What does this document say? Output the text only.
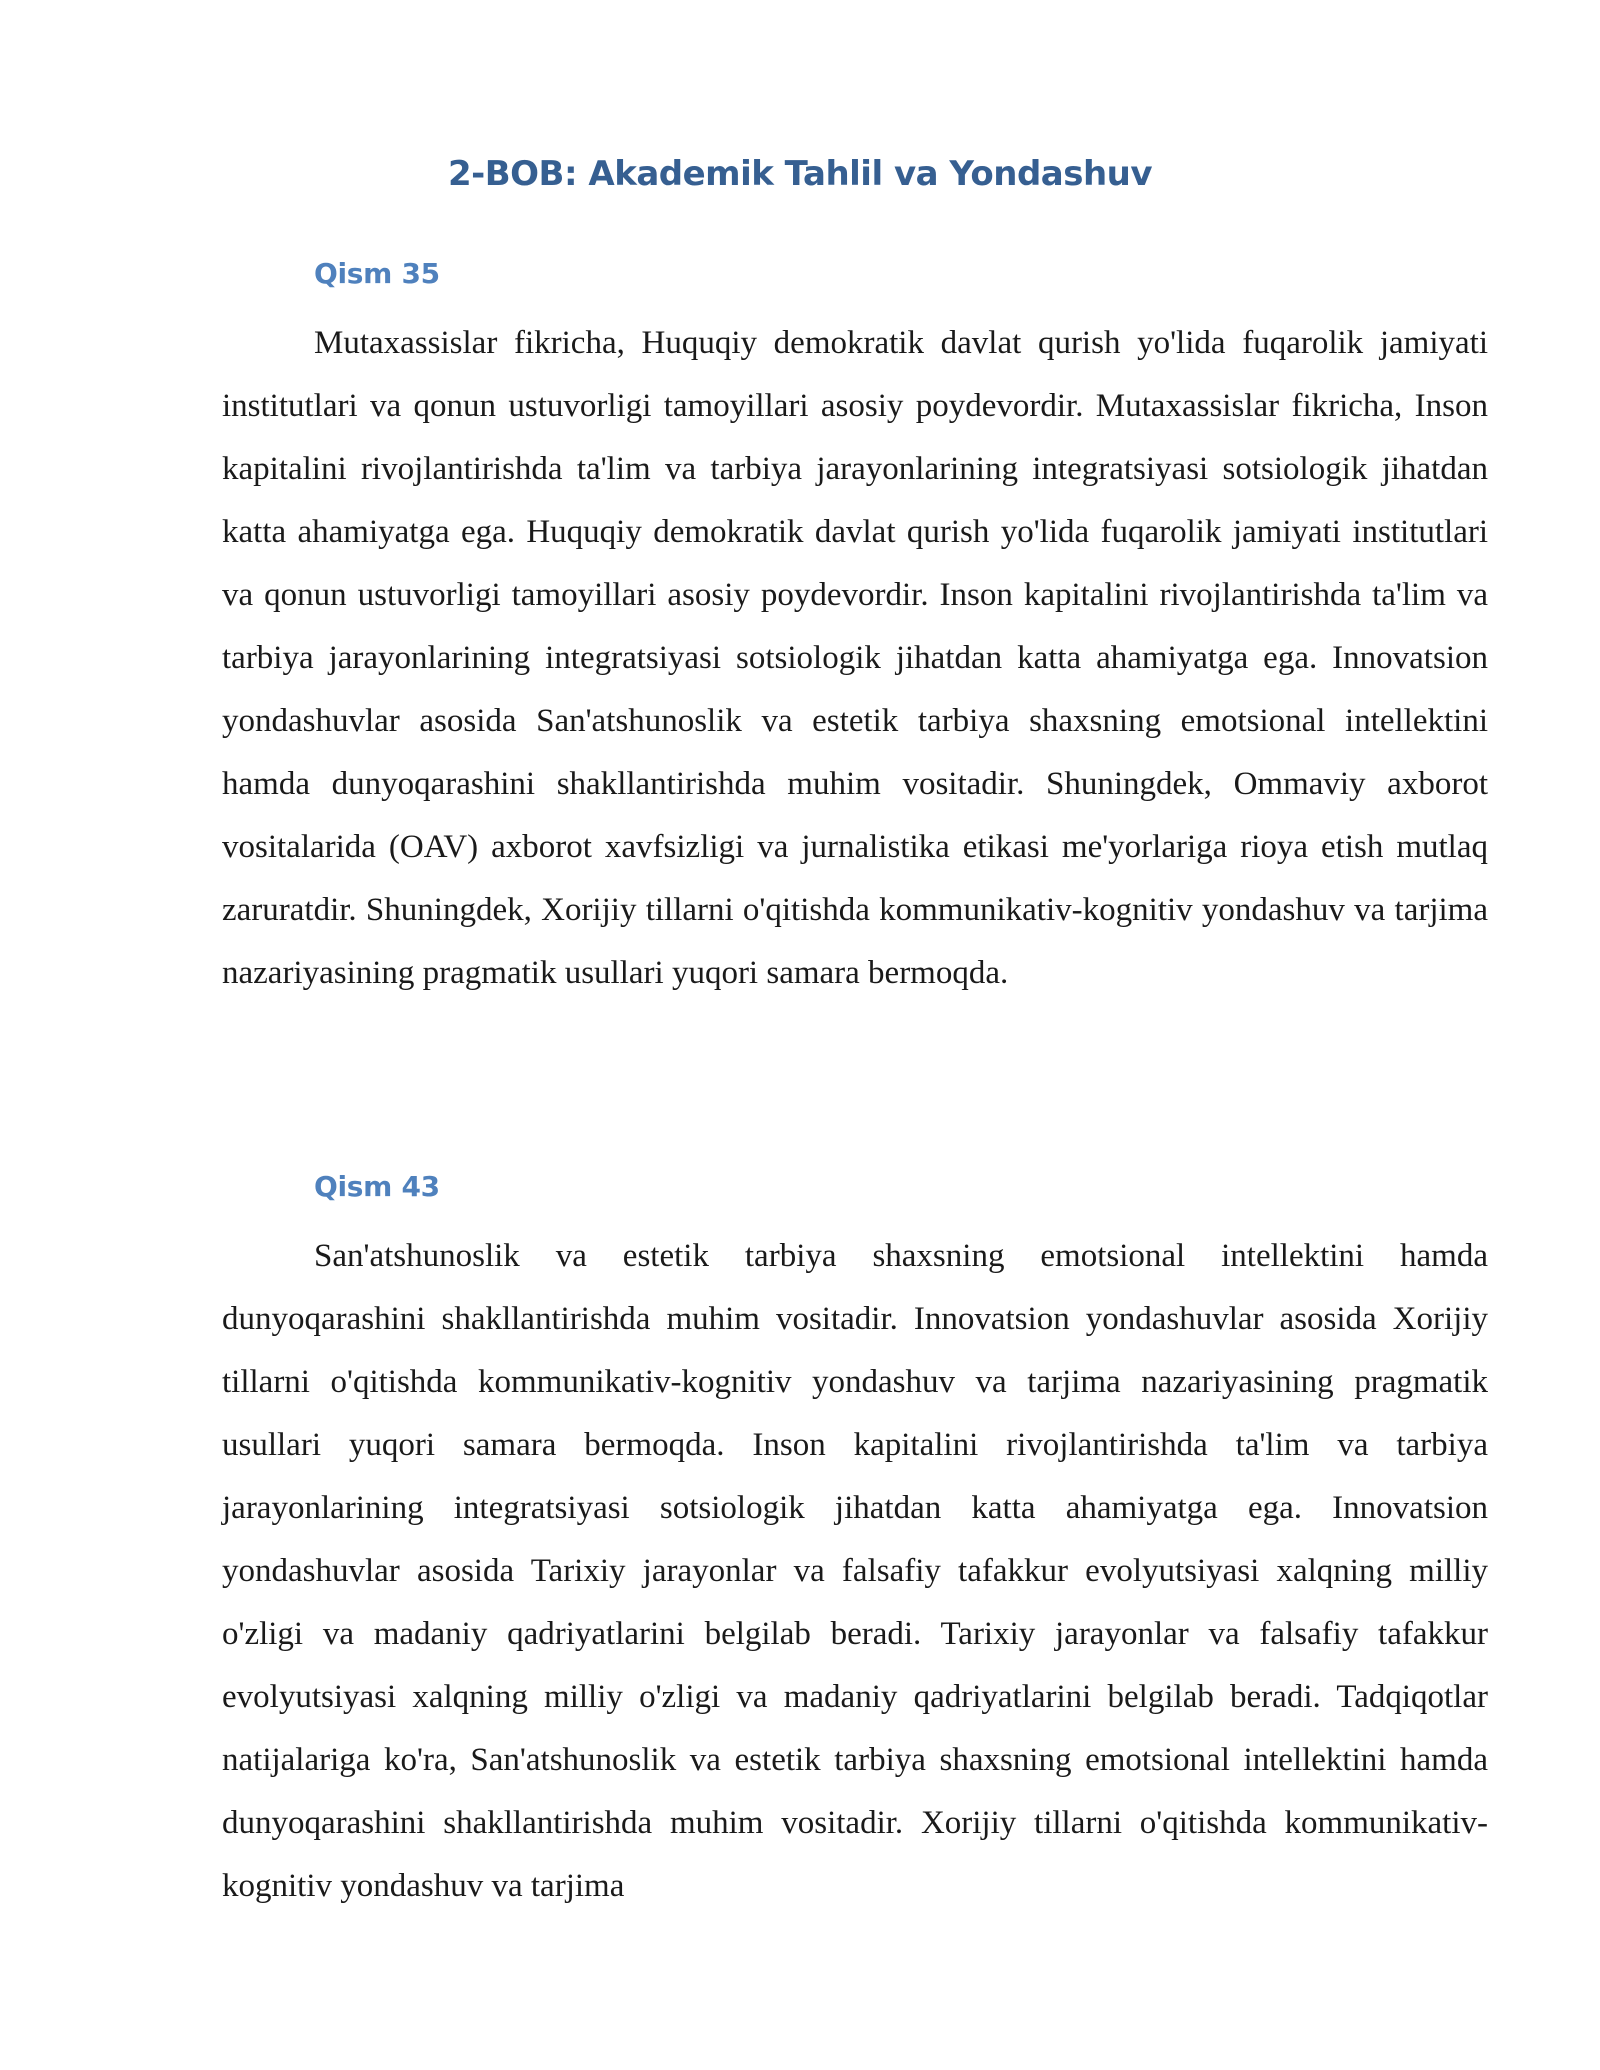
2-BOB: Akademik Tahlil va Yondashuv
Qism 35

Mutaxassislar fikricha, Huquqiy demokratik davlat qurish yo'lida fuqarolik jamiyati institutlari va qonun ustuvorligi tamoyillari asosiy poydevordir. Mutaxassislar fikricha, Inson kapitalini rivojlantirishda ta'lim va tarbiya jarayonlarining integratsiyasi sotsiologik jihatdan katta ahamiyatga ega. Huquqiy demokratik davlat qurish yo'lida fuqarolik jamiyati institutlari va qonun ustuvorligi tamoyillari asosiy poydevordir. Inson kapitalini rivojlantirishda ta'lim va tarbiya jarayonlarining integratsiyasi sotsiologik jihatdan katta ahamiyatga ega. Innovatsion yondashuvlar asosida San'atshunoslik va estetik tarbiya shaxsning emotsional intellektini hamda dunyoqarashini shakllantirishda muhim vositadir. Shuningdek, Ommaviy axborot vositalarida (OAV) axborot xavfsizligi va jurnalistika etikasi me'yorlariga rioya etish mutlaq zaruratdir. Shuningdek, Xorijiy tillarni o'qitishda kommunikativ-kognitiv yondashuv va tarjima nazariyasining pragmatik usullari yuqori samara bermoqda.

Qism 43

San'atshunoslik va estetik tarbiya shaxsning emotsional intellektini hamda dunyoqarashini shakllantirishda muhim vositadir. Innovatsion yondashuvlar asosida Xorijiy tillarni o'qitishda kommunikativ-kognitiv yondashuv va tarjima nazariyasining pragmatik usullari yuqori samara bermoqda. Inson kapitalini rivojlantirishda ta'lim va tarbiya jarayonlarining integratsiyasi sotsiologik jihatdan katta ahamiyatga ega. Innovatsion yondashuvlar asosida Tarixiy jarayonlar va falsafiy tafakkur evolyutsiyasi xalqning milliy o'zligi va madaniy qadriyatlarini belgilab beradi. Tarixiy jarayonlar va falsafiy tafakkur evolyutsiyasi xalqning milliy o'zligi va madaniy qadriyatlarini belgilab beradi. Tadqiqotlar natijalariga ko'ra, San'atshunoslik va estetik tarbiya shaxsning emotsional intellektini hamda dunyoqarashini shakllantirishda muhim vositadir. Xorijiy tillarni o'qitishda kommunikativ-kognitiv yondashuv va tarjima
